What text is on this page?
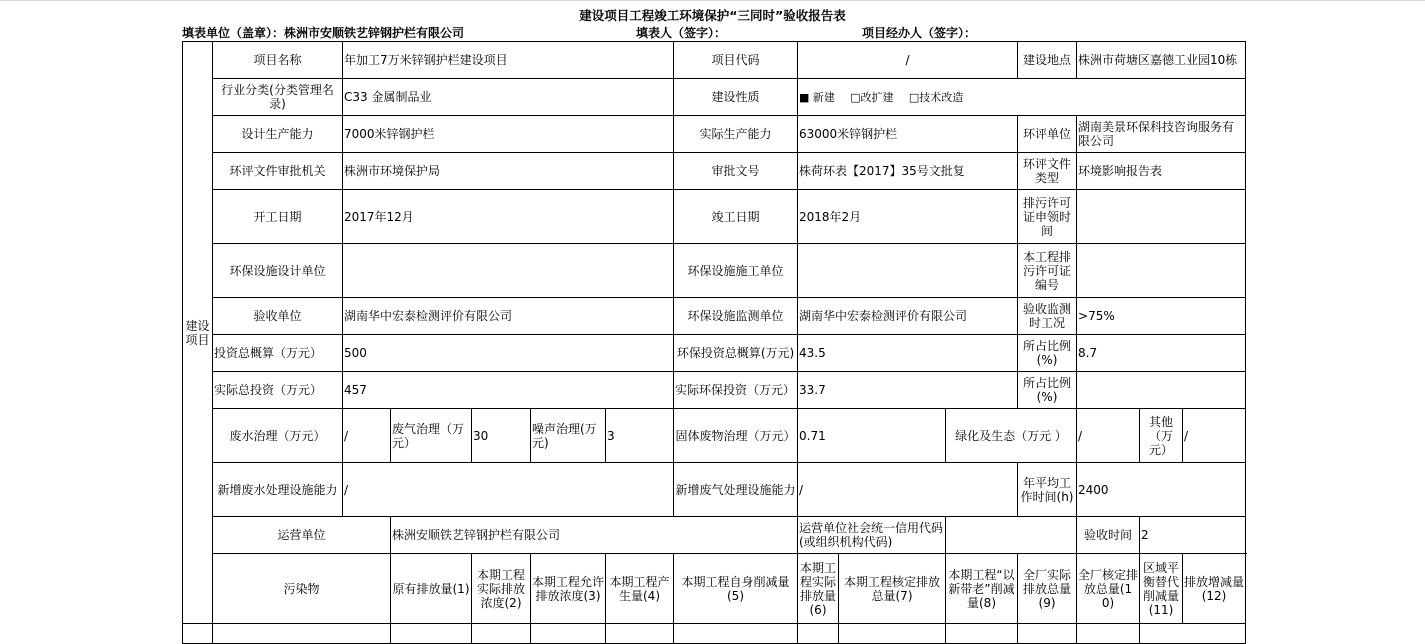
建设项目工程竣工环境保护“三同时”验收报告表
填表单位（盖章）：株洲市安顺铁艺锌钢护栏有限公司	填表人（签字）：	项目经办人（签字）：
建设项目	项目名称	年加工7万米锌钢护栏建设项目					项目代码	/			建设地点	株洲市荷塘区嘉德工业园10栋		
	行业分类(分类管理名录)	C33 金属制品业					建设性质	■ 新建 □改扩建 □技术改造						
	设计生产能力	7000米锌钢护栏					实际生产能力	63000米锌钢护栏			环评单位	湖南美景环保科技咨询服务有限公司		
	环评文件审批机关	株洲市环境保护局					审批文号	株荷环表【2017】35号文批复			环评文件类型	环境影响报告表		
	开工日期	2017年12月					竣工日期	2018年2月			排污许可证申领时间			
	环保设施设计单位						环保设施施工单位				本工程排污许可证编号			
	验收单位	湖南华中宏泰检测评价有限公司					环保设施监测单位	湖南华中宏泰检测评价有限公司			验收监测时工况	>75%		
	投资总概算（万元）	500					环保投资总概算(万元)	43.5			所占比例(%)	8.7		
	实际总投资（万元）	457					实际环保投资（万元）	33.7			所占比例(%)			
	废水治理（万元）	/	废气治理（万元）	30	噪声治理(万元)	3	固体废物治理（万元）	0.71		绿化及生态（万元 ）		/	其他（万元）	/
	新增废水处理设施能力	/					新增废气处理设施能力	/			年平均工作时间(h)	2400		
	运营单位		株洲安顺铁艺锌钢护栏有限公司					运营单位社会统一信用代码(或组织机构代码)				验收时间	2	
	污染物		原有排放量(1)	本期工程实际排放浓度(2)	本期工程允许排放浓度(3)	本期工程产生量(4)	本期工程自身削减量(5)	本期工程实际排放量(6)	本期工程核定排放总量(7)	本期工程“以新带老”削减量(8)	全厂实际排放总量(9)	全厂核定排放总量(10)	区域平衡替代削减量(11)	排放增减量(12)
